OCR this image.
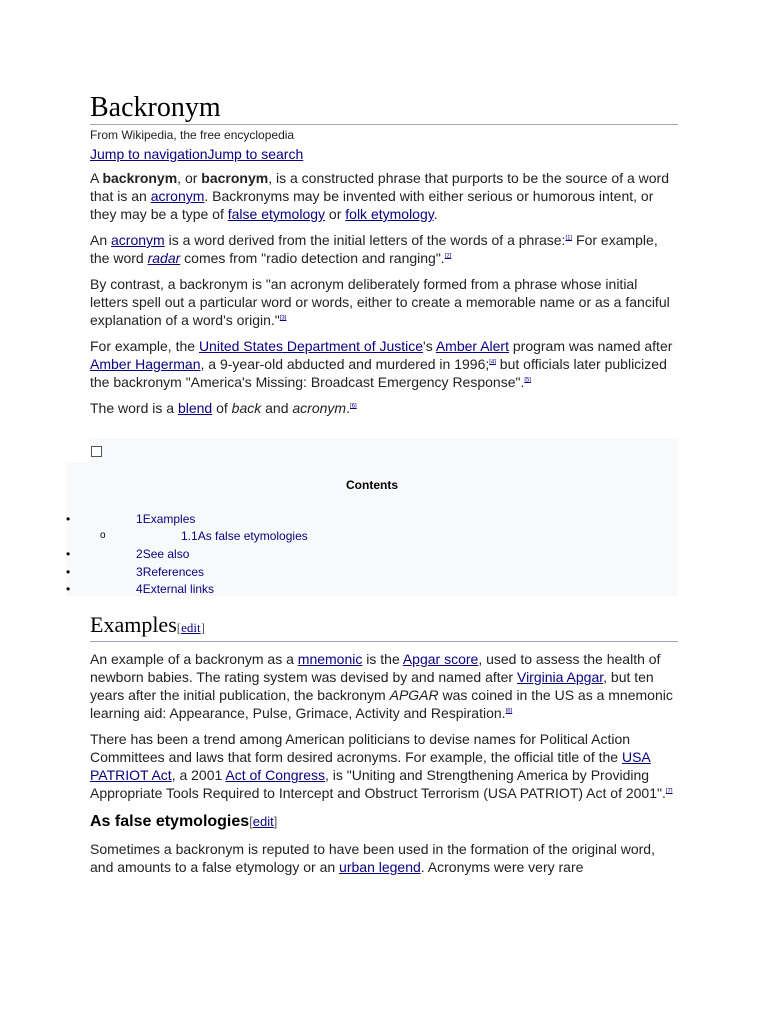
Backronym
From Wikipedia, the free encyclopedia
Jump to navigationJump to search

A backronym, or bacronym, is a constructed phrase that purports to be the source of a word that is an acronym. Backronyms may be invented with either serious or humorous intent, or they may be a type of false etymology or folk etymology.

An acronym is a word derived from the initial letters of the words of a phrase:[1] For example, the word radar comes from "radio detection and ranging".[2]

By contrast, a backronym is "an acronym deliberately formed from a phrase whose initial letters spell out a particular word or words, either to create a memorable name or as a fanciful explanation of a word's origin."[3]

For example, the United States Department of Justice's Amber Alert program was named after Amber Hagerman, a 9-year-old abducted and murdered in 1996;[4] but officials later publicized the backronym "America's Missing: Broadcast Emergency Response".[5]

The word is a blend of back and acronym.[6]

Contents
•	1Examples
o	1.1As false etymologies
•	2See also
•	3References
•	4External links
Examples[edit]

An example of a backronym as a mnemonic is the Apgar score, used to assess the health of newborn babies. The rating system was devised by and named after Virginia Apgar, but ten years after the initial publication, the backronym APGAR was coined in the US as a mnemonic learning aid: Appearance, Pulse, Grimace, Activity and Respiration.[6]

There has been a trend among American politicians to devise names for Political Action Committees and laws that form desired acronyms. For example, the official title of the USA PATRIOT Act, a 2001 Act of Congress, is "Uniting and Strengthening America by Providing Appropriate Tools Required to Intercept and Obstruct Terrorism (USA PATRIOT) Act of 2001".[7]

As false etymologies[edit]

Sometimes a backronym is reputed to have been used in the formation of the original word, and amounts to a false etymology or an urban legend. Acronyms were very rare
